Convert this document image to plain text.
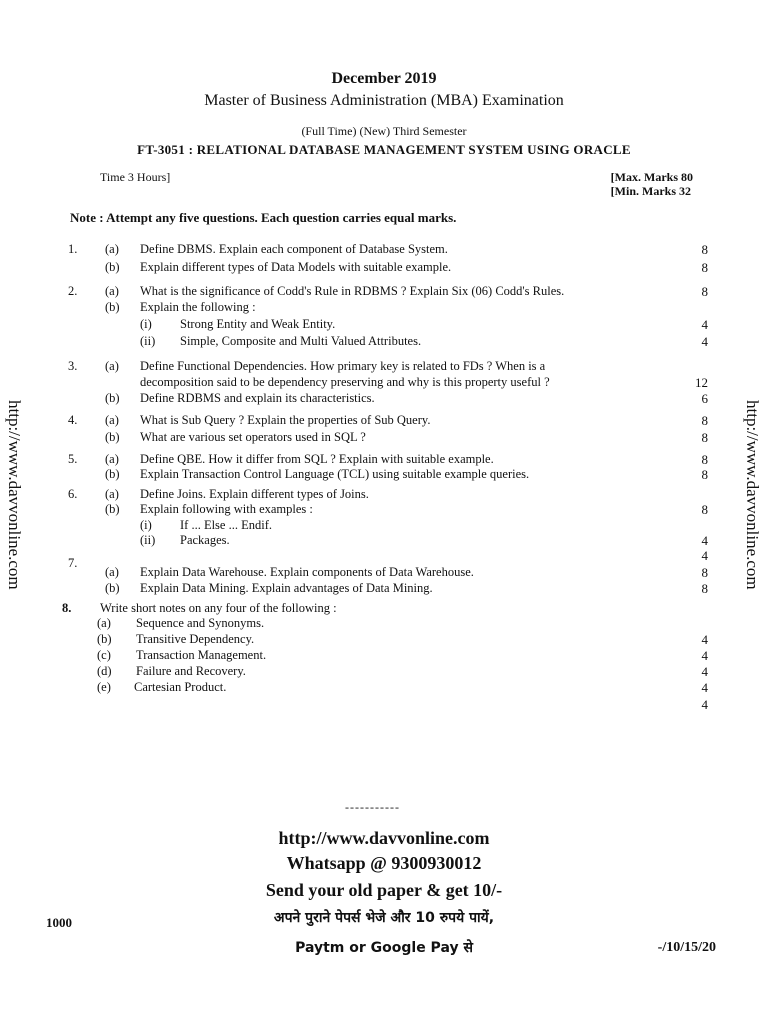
December 2019
Master of Business Administration (MBA) Examination
(Full Time) (New) Third Semester
FT-3051 : RELATIONAL DATABASE MANAGEMENT SYSTEM USING ORACLE
Time 3 Hours]	[Max. Marks 80
[Min. Marks 32
Note : Attempt any five questions. Each question carries equal marks.
1. (a) Define DBMS. Explain each component of Database System.	8
(b) Explain different types of Data Models with suitable example.	8
2. (a) What is the significance of Codd's Rule in RDBMS ? Explain Six (06) Codd's Rules.	8
(b) Explain the following :
(i) Strong Entity and Weak Entity.	4
(ii) Simple, Composite and Multi Valued Attributes.	4
3. (a) Define Functional Dependencies. How primary key is related to FDs ? When is a
decomposition said to be dependency preserving and why is this property useful ?	12
(b) Define RDBMS and explain its characteristics.	6
4. (a) What is Sub Query ? Explain the properties of Sub Query.	8
(b) What are various set operators used in SQL ?	8
5. (a) Define QBE. How it differ from SQL ? Explain with suitable example.	8
(b) Explain Transaction Control Language (TCL) using suitable example queries.	8
6. (a) Define Joins. Explain different types of Joins.
(b) Explain following with examples :	8
(i) If ... Else ... Endif.
(ii) Packages.	4
4
7.
(a) Explain Data Warehouse. Explain components of Data Warehouse.	8
(b) Explain Data Mining. Explain advantages of Data Mining.	8
8. Write short notes on any four of the following :
(a) Sequence and Synonyms.
(b) Transitive Dependency.	4
(c) Transaction Management.	4
(d) Failure and Recovery.	4
(e) Cartesian Product.	4
4
http://www.davvonline.com	http://www.davvonline.com
-----------
http://www.davvonline.com
Whatsapp @ 9300930012
Send your old paper & get 10/-
अपने पुराने पेपर्स भेजे और 10 रुपये पायें,
Paytm or Google Pay से
1000
-/10/15/20
